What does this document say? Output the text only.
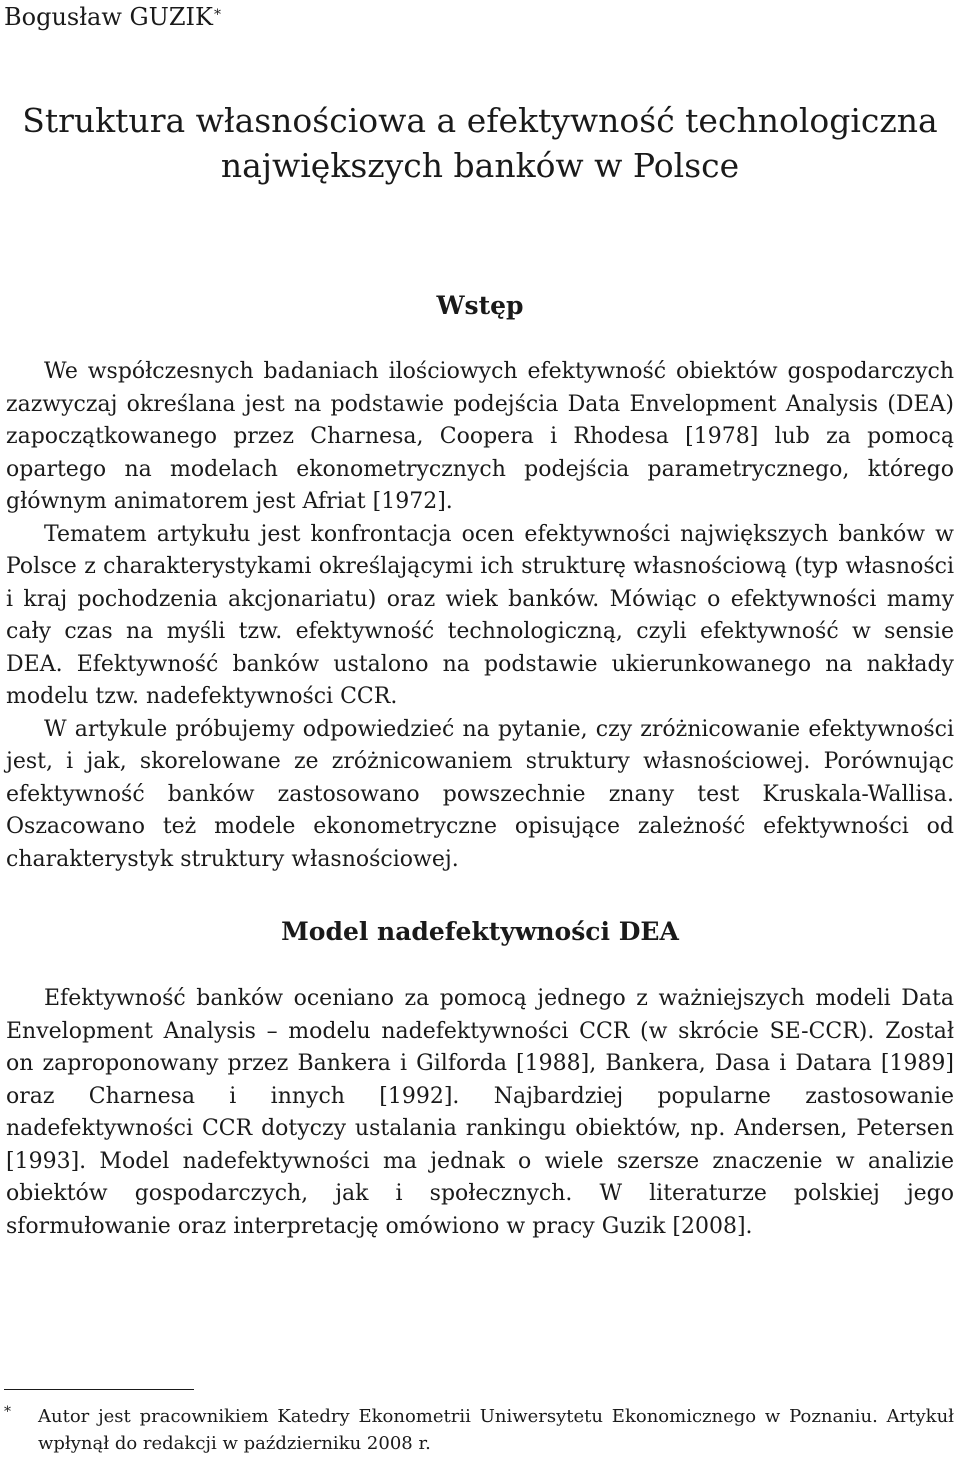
Bogusław GUZIK*
Struktura własnościowa a efektywność technologiczna
największych banków w Polsce
Wstęp

We współczesnych badaniach ilościowych efektywność obiektów gospodarczych zazwyczaj określana jest na podstawie podejścia Data Envelopment Analysis (DEA) zapoczątkowanego przez Charnesa, Coopera i Rhodesa [1978] lub za pomocą opartego na modelach ekonometrycznych podejścia parametrycznego, którego głównym animatorem jest Afriat [1972].

Tematem artykułu jest konfrontacja ocen efektywności największych banków w Polsce z charakterystykami określającymi ich strukturę własnościową (typ własności i kraj pochodzenia akcjonariatu) oraz wiek banków. Mówiąc o efektywności mamy cały czas na myśli tzw. efektywność technologiczną, czyli efektywność w sensie DEA. Efektywność banków ustalono na podstawie ukierunkowanego na nakłady modelu tzw. nadefektywności CCR.

W artykule próbujemy odpowiedzieć na pytanie, czy zróżnicowanie efektywności jest, i jak, skorelowane ze zróżnicowaniem struktury własnościowej. Porównując efektywność banków zastosowano powszechnie znany test Kruskala-Wallisa. Oszacowano też modele ekonometryczne opisujące zależność efektywności od charakterystyk struktury własnościowej.

Model nadefektywności DEA

Efektywność banków oceniano za pomocą jednego z ważniejszych modeli Data Envelopment Analysis – modelu nadefektywności CCR (w skrócie SE-CCR). Został on zaproponowany przez Bankera i Gilforda [1988], Bankera, Dasa i Datara [1989] oraz Charnesa i innych [1992]. Najbardziej popularne zastosowanie nadefektywności CCR dotyczy ustalania rankingu obiektów, np. Andersen, Petersen [1993]. Model nadefektywności ma jednak o wiele szersze znaczenie w analizie obiektów gospodarczych, jak i społecznych. W literaturze polskiej jego sformułowanie oraz interpretację omówiono w pracy Guzik [2008].

* Autor jest pracownikiem Katedry Ekonometrii Uniwersytetu Ekonomicznego w Poznaniu. Artykuł wpłynął do redakcji w październiku 2008 r.
